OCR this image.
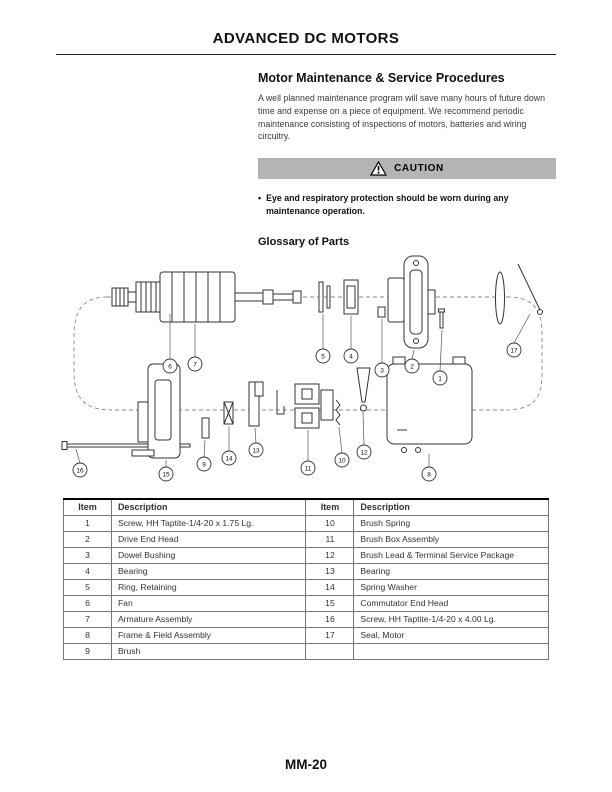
ADVANCED DC MOTORS
Motor Maintenance & Service Procedures

A well planned maintenance program will save many hours of future down time and expense on a piece of equipment. We recommend periodic maintenance consisting of inspections of motors, batteries and wiring circuitry.

CAUTION
•
Eye and respiratory protection should be worn during any maintenance operation.
Glossary of Parts
7
6
5	4
3
2
1
17
16
15
9
14
13
11
10
12
8
Item	Description	Item	Description
1	Screw, HH Taptite-1/4-20 x 1.75 Lg.	10	Brush Spring
2	Drive End Head	11	Brush Box Assembly
3	Dowel Bushing	12	Brush Lead & Terminal Service Package
4	Bearing	13	Bearing
5	Ring, Retaining	14	Spring Washer
6	Fan	15	Commutator End Head
7	Armature Assembly	16	Screw, HH Taptite-1/4-20 x 4.00 Lg.
8	Frame & Field Assembly	17	Seal, Motor
9	Brush		
MM-20
